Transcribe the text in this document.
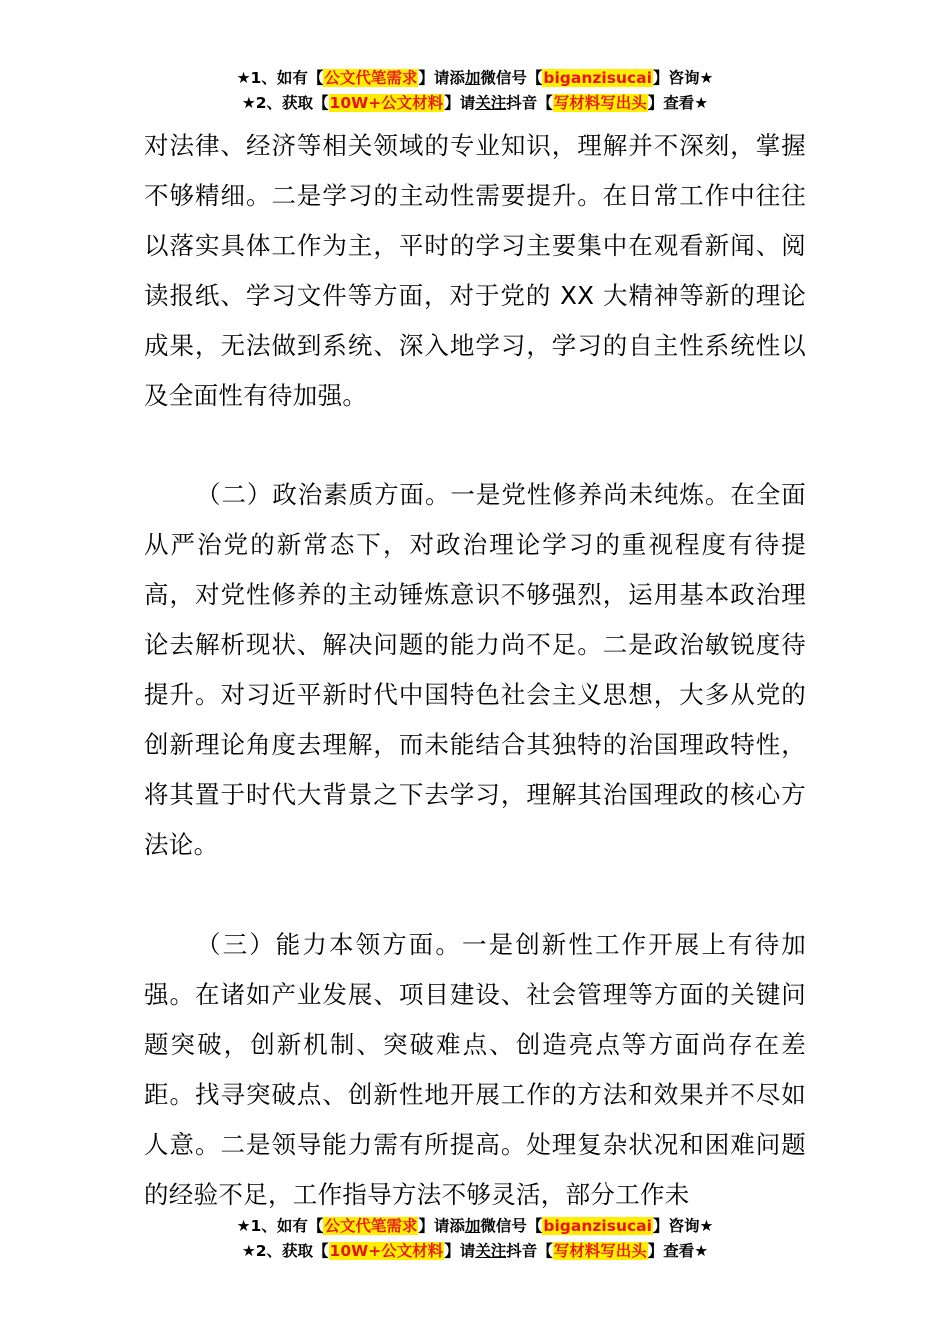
★1、如有【公文代笔需求】请添加微信号【biganzisucai】咨询★
★2、获取【10W+公文材料】请关注抖音【写材料写出头】查看★

对法律、经济等相关领域的专业知识，理解并不深刻，掌握不够精细。二是学习的主动性需要提升。在日常工作中往往以落实具体工作为主，平时的学习主要集中在观看新闻、阅读报纸、学习文件等方面，对于党的 XX 大精神等新的理论成果，无法做到系统、深入地学习，学习的自主性系统性以及全面性有待加强。

（二）政治素质方面。一是党性修养尚未纯炼。在全面从严治党的新常态下，对政治理论学习的重视程度有待提高，对党性修养的主动锤炼意识不够强烈，运用基本政治理论去解析现状、解决问题的能力尚不足。二是政治敏锐度待提升。对习近平新时代中国特色社会主义思想，大多从党的创新理论角度去理解，而未能结合其独特的治国理政特性，将其置于时代大背景之下去学习，理解其治国理政的核心方法论。

（三）能力本领方面。一是创新性工作开展上有待加强。在诸如产业发展、项目建设、社会管理等方面的关键问题突破，创新机制、突破难点、创造亮点等方面尚存在差距。找寻突破点、创新性地开展工作的方法和效果并不尽如人意。二是领导能力需有所提高。处理复杂状况和困难问题的经验不足，工作指导方法不够灵活，部分工作未

★1、如有【公文代笔需求】请添加微信号【biganzisucai】咨询★
★2、获取【10W+公文材料】请关注抖音【写材料写出头】查看★
